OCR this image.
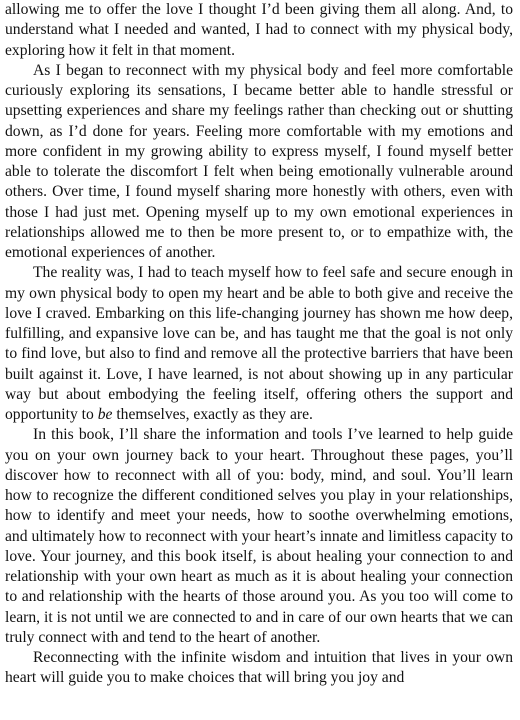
allowing me to offer the love I thought I’d been giving them all along. And, to understand what I needed and wanted, I had to connect with my physical body, exploring how it felt in that moment.

As I began to reconnect with my physical body and feel more comfortable curiously exploring its sensations, I became better able to handle stressful or upsetting experiences and share my feelings rather than checking out or shutting down, as I’d done for years. Feeling more comfortable with my emotions and more confident in my growing ability to express myself, I found myself better able to tolerate the discomfort I felt when being emotionally vulnerable around others. Over time, I found myself sharing more honestly with others, even with those I had just met. Opening myself up to my own emotional experiences in relationships allowed me to then be more present to, or to empathize with, the emotional experiences of another.

The reality was, I had to teach myself how to feel safe and secure enough in my own physical body to open my heart and be able to both give and receive the love I craved. Embarking on this life-changing journey has shown me how deep, fulfilling, and expansive love can be, and has taught me that the goal is not only to find love, but also to find and remove all the protective barriers that have been built against it. Love, I have learned, is not about showing up in any particular way but about embodying the feeling itself, offering others the support and opportunity to be themselves, exactly as they are.

In this book, I’ll share the information and tools I’ve learned to help guide you on your own journey back to your heart. Throughout these pages, you’ll discover how to reconnect with all of you: body, mind, and soul. You’ll learn how to recognize the different conditioned selves you play in your relationships, how to identify and meet your needs, how to soothe overwhelming emotions, and ultimately how to reconnect with your heart’s innate and limitless capacity to love. Your journey, and this book itself, is about healing your connection to and relationship with your own heart as much as it is about healing your connection to and relationship with the hearts of those around you. As you too will come to learn, it is not until we are connected to and in care of our own hearts that we can truly connect with and tend to the heart of another.

Reconnecting with the infinite wisdom and intuition that lives in your own heart will guide you to make choices that will bring you joy and
